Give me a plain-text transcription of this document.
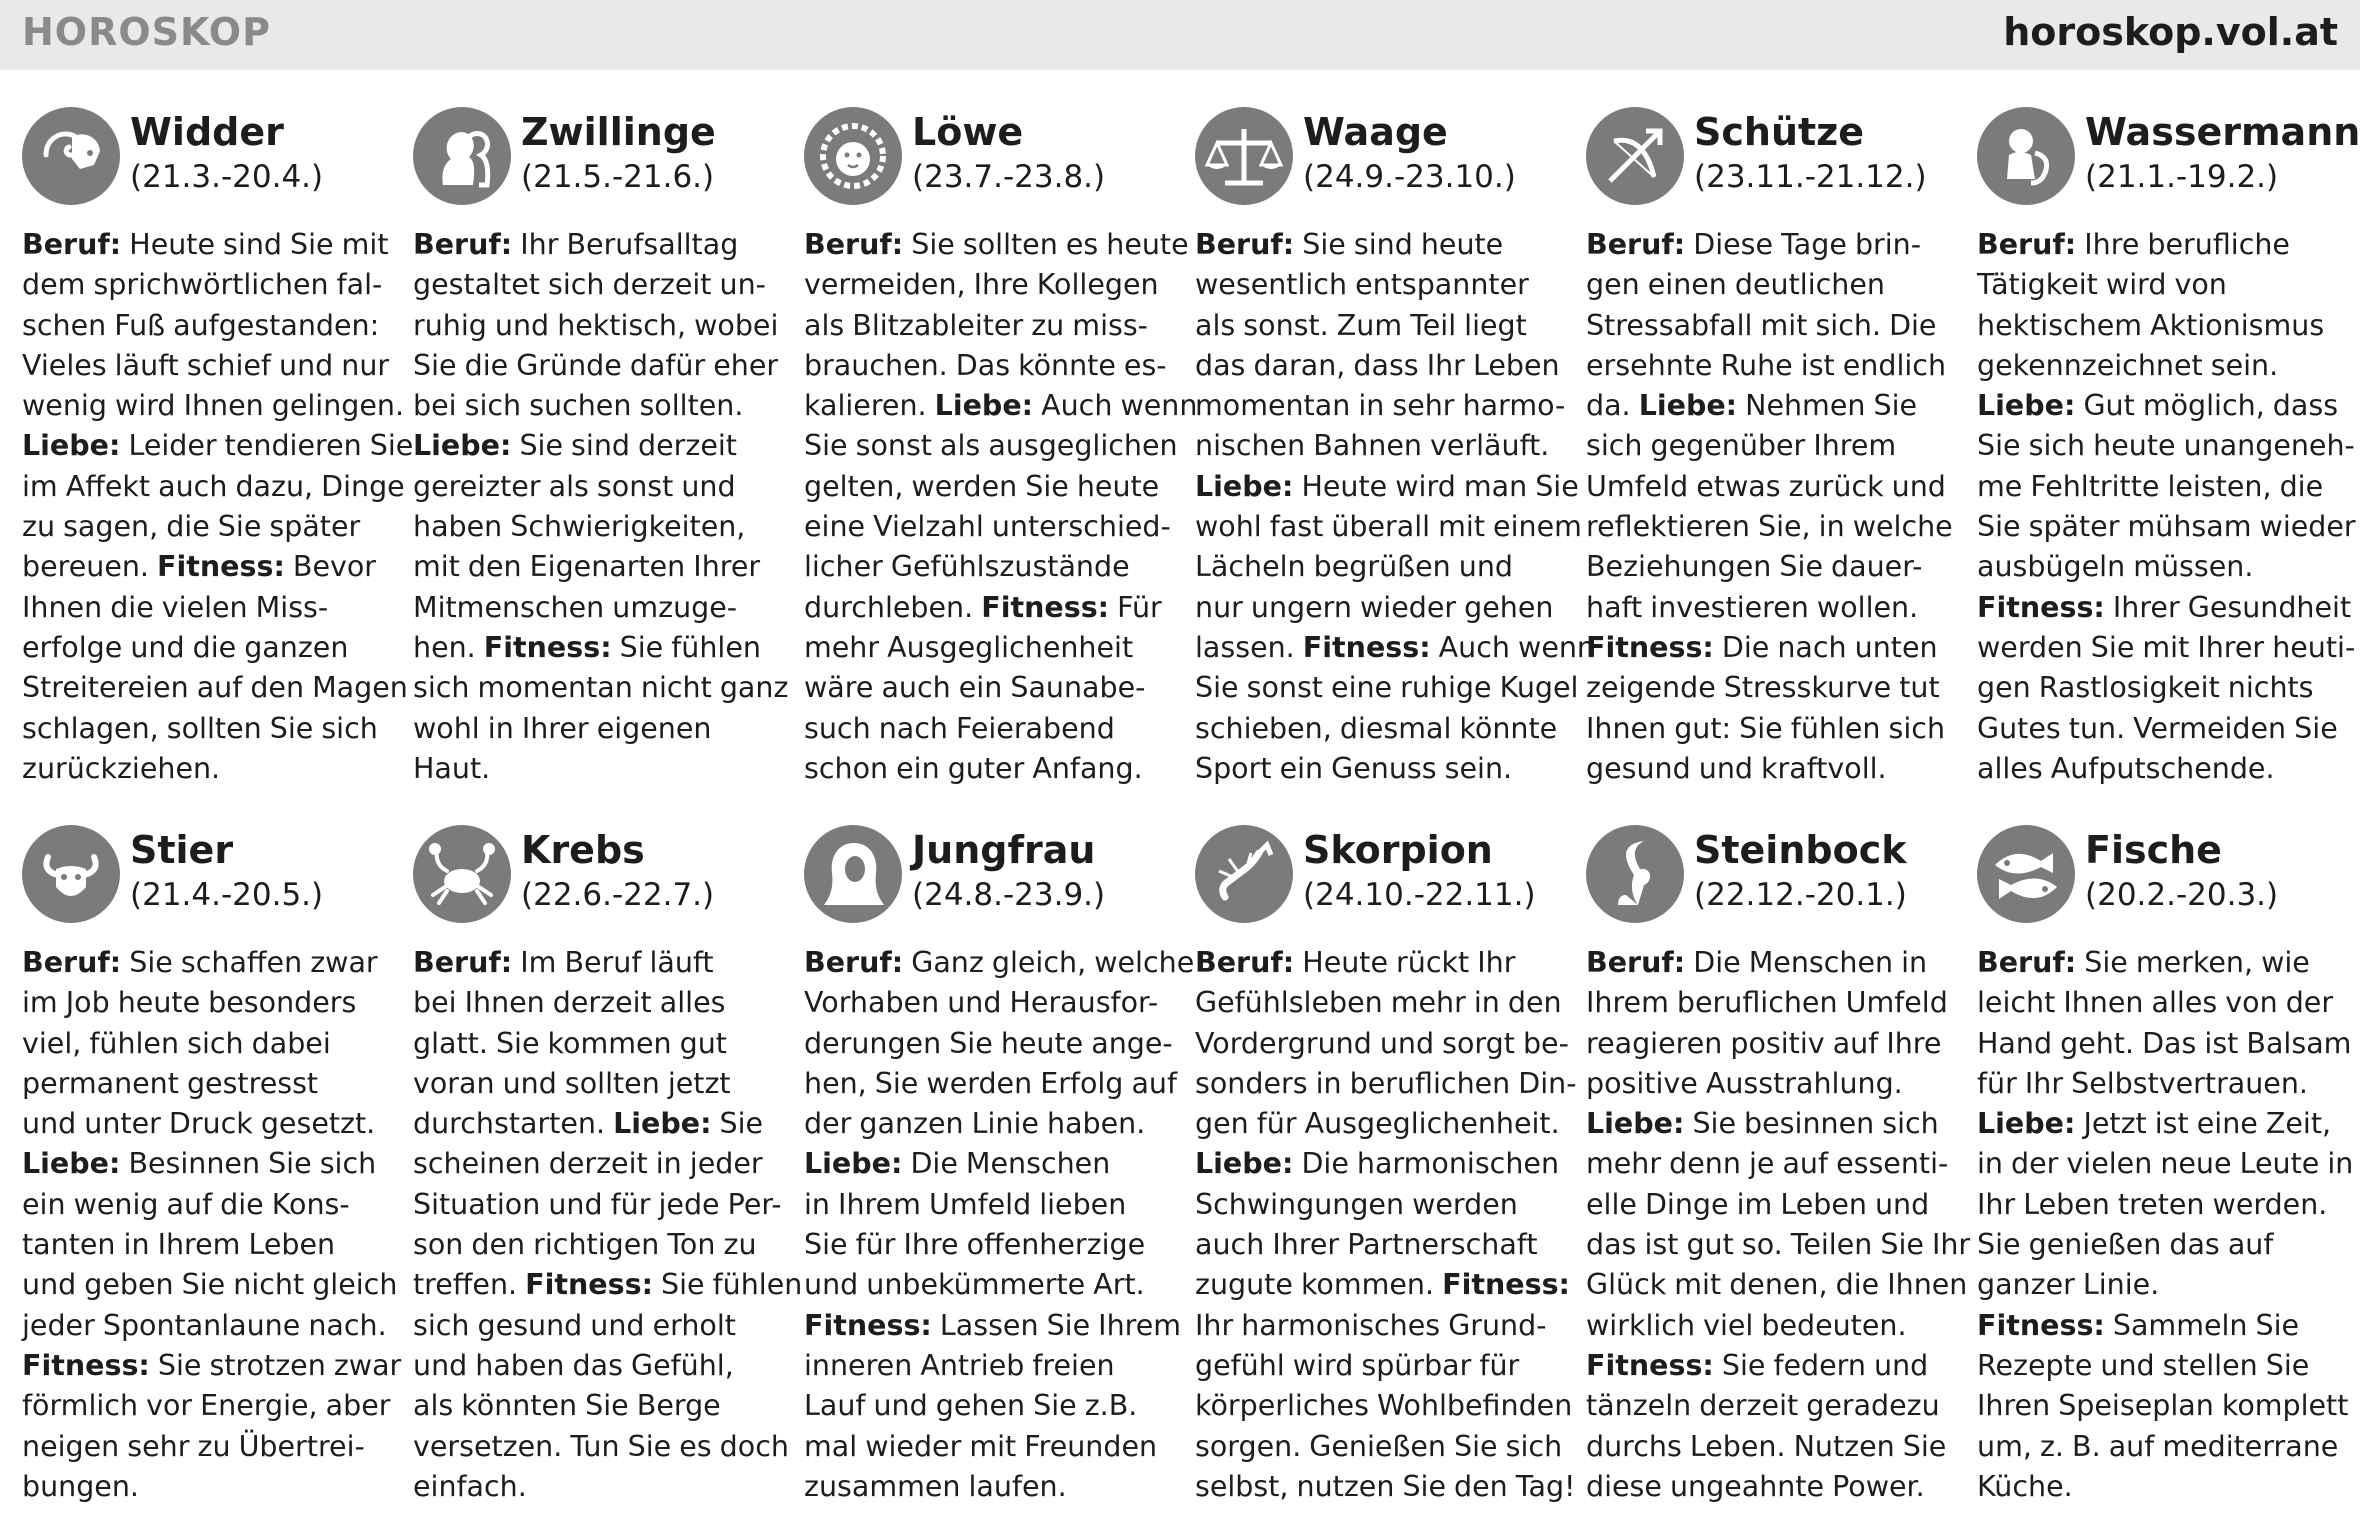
HOROSKOP	horoskop.vol.at
Widder
(21.3.-20.4.)
Beruf: Heute sind Sie mit
dem sprichwörtlichen fal-
schen Fuß aufgestanden:
Vieles läuft schief und nur
wenig wird Ihnen gelingen.
Liebe: Leider tendieren Sie
im Affekt auch dazu, Dinge
zu sagen, die Sie später
bereuen. Fitness: Bevor
Ihnen die vielen Miss-
erfolge und die ganzen
Streitereien auf den Magen
schlagen, sollten Sie sich
zurückziehen.
Zwillinge
(21.5.-21.6.)
Beruf: Ihr Berufsalltag
gestaltet sich derzeit un-
ruhig und hektisch, wobei
Sie die Gründe dafür eher
bei sich suchen sollten.
Liebe: Sie sind derzeit
gereizter als sonst und
haben Schwierigkeiten,
mit den Eigenarten Ihrer
Mitmenschen umzuge-
hen. Fitness: Sie fühlen
sich momentan nicht ganz
wohl in Ihrer eigenen
Haut.
Löwe
(23.7.-23.8.)
Beruf: Sie sollten es heute
vermeiden, Ihre Kollegen
als Blitzableiter zu miss-
brauchen. Das könnte es-
kalieren. Liebe: Auch wenn
Sie sonst als ausgeglichen
gelten, werden Sie heute
eine Vielzahl unterschied-
licher Gefühlszustände
durchleben. Fitness: Für
mehr Ausgeglichenheit
wäre auch ein Saunabe-
such nach Feierabend
schon ein guter Anfang.
Waage
(24.9.-23.10.)
Beruf: Sie sind heute
wesentlich entspannter
als sonst. Zum Teil liegt
das daran, dass Ihr Leben
momentan in sehr harmo-
nischen Bahnen verläuft.
Liebe: Heute wird man Sie
wohl fast überall mit einem
Lächeln begrüßen und
nur ungern wieder gehen
lassen. Fitness: Auch wenn
Sie sonst eine ruhige Kugel
schieben, diesmal könnte
Sport ein Genuss sein.
Schütze
(23.11.-21.12.)
Beruf: Diese Tage brin-
gen einen deutlichen
Stressabfall mit sich. Die
ersehnte Ruhe ist endlich
da. Liebe: Nehmen Sie
sich gegenüber Ihrem
Umfeld etwas zurück und
reflektieren Sie, in welche
Beziehungen Sie dauer-
haft investieren wollen.
Fitness: Die nach unten
zeigende Stresskurve tut
Ihnen gut: Sie fühlen sich
gesund und kraftvoll.
Wassermann
(21.1.-19.2.)
Beruf: Ihre berufliche
Tätigkeit wird von
hektischem Aktionismus
gekennzeichnet sein.
Liebe: Gut möglich, dass
Sie sich heute unangeneh-
me Fehltritte leisten, die
Sie später mühsam wieder
ausbügeln müssen.
Fitness: Ihrer Gesundheit
werden Sie mit Ihrer heuti-
gen Rastlosigkeit nichts
Gutes tun. Vermeiden Sie
alles Aufputschende.
Stier
(21.4.-20.5.)
Beruf: Sie schaffen zwar
im Job heute besonders
viel, fühlen sich dabei
permanent gestresst
und unter Druck gesetzt.
Liebe: Besinnen Sie sich
ein wenig auf die Kons-
tanten in Ihrem Leben
und geben Sie nicht gleich
jeder Spontanlaune nach.
Fitness: Sie strotzen zwar
förmlich vor Energie, aber
neigen sehr zu Übertrei-
bungen.
Krebs
(22.6.-22.7.)
Beruf: Im Beruf läuft
bei Ihnen derzeit alles
glatt. Sie kommen gut
voran und sollten jetzt
durchstarten. Liebe: Sie
scheinen derzeit in jeder
Situation und für jede Per-
son den richtigen Ton zu
treffen. Fitness: Sie fühlen
sich gesund und erholt
und haben das Gefühl,
als könnten Sie Berge
versetzen. Tun Sie es doch
einfach.
Jungfrau
(24.8.-23.9.)
Beruf: Ganz gleich, welche
Vorhaben und Herausfor-
derungen Sie heute ange-
hen, Sie werden Erfolg auf
der ganzen Linie haben.
Liebe: Die Menschen
in Ihrem Umfeld lieben
Sie für Ihre offenherzige
und unbekümmerte Art.
Fitness: Lassen Sie Ihrem
inneren Antrieb freien
Lauf und gehen Sie z.B.
mal wieder mit Freunden
zusammen laufen.
Skorpion
(24.10.-22.11.)
Beruf: Heute rückt Ihr
Gefühlsleben mehr in den
Vordergrund und sorgt be-
sonders in beruflichen Din-
gen für Ausgeglichenheit.
Liebe: Die harmonischen
Schwingungen werden
auch Ihrer Partnerschaft
zugute kommen. Fitness:
Ihr harmonisches Grund-
gefühl wird spürbar für
körperliches Wohlbefinden
sorgen. Genießen Sie sich
selbst, nutzen Sie den Tag!
Steinbock
(22.12.-20.1.)
Beruf: Die Menschen in
Ihrem beruflichen Umfeld
reagieren positiv auf Ihre
positive Ausstrahlung.
Liebe: Sie besinnen sich
mehr denn je auf essenti-
elle Dinge im Leben und
das ist gut so. Teilen Sie Ihr
Glück mit denen, die Ihnen
wirklich viel bedeuten.
Fitness: Sie federn und
tänzeln derzeit geradezu
durchs Leben. Nutzen Sie
diese ungeahnte Power.
Fische
(20.2.-20.3.)
Beruf: Sie merken, wie
leicht Ihnen alles von der
Hand geht. Das ist Balsam
für Ihr Selbstvertrauen.
Liebe: Jetzt ist eine Zeit,
in der vielen neue Leute in
Ihr Leben treten werden.
Sie genießen das auf
ganzer Linie.
Fitness: Sammeln Sie
Rezepte und stellen Sie
Ihren Speiseplan komplett
um, z. B. auf mediterrane
Küche.
